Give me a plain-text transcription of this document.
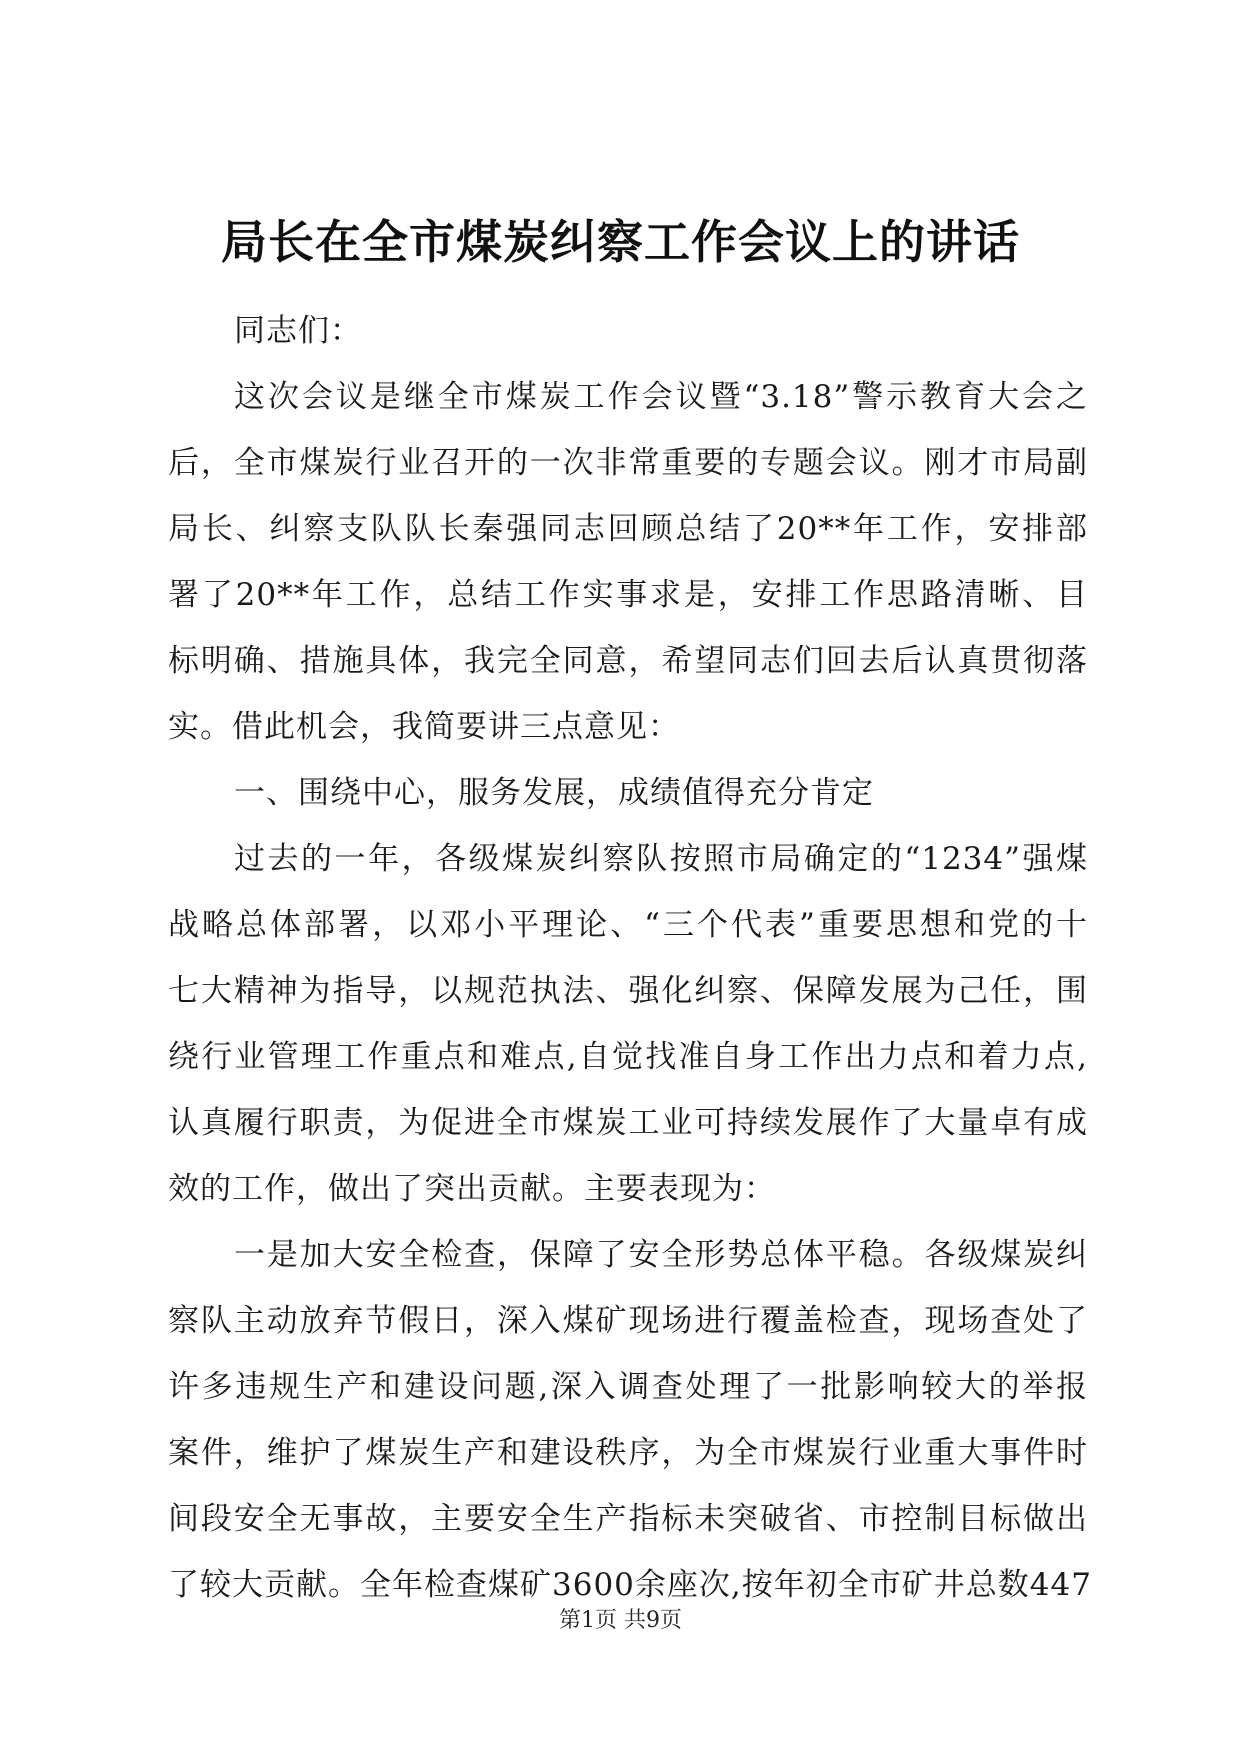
局长在全市煤炭纠察工作会议上的讲话
同志们：
这次会议是继全市煤炭工作会议暨“3.18”警示教育大会之
后，全市煤炭行业召开的一次非常重要的专题会议。刚才市局副
局长、纠察支队队长秦强同志回顾总结了20**年工作，安排部
署了20**年工作，总结工作实事求是，安排工作思路清晰、目
标明确、措施具体，我完全同意，希望同志们回去后认真贯彻落
实。借此机会，我简要讲三点意见：
一、围绕中心，服务发展，成绩值得充分肯定
过去的一年，各级煤炭纠察队按照市局确定的“1234”强煤
战略总体部署，以邓小平理论、“三个代表”重要思想和党的十
七大精神为指导，以规范执法、强化纠察、保障发展为己任，围
绕行业管理工作重点和难点,自觉找准自身工作出力点和着力点,
认真履行职责，为促进全市煤炭工业可持续发展作了大量卓有成
效的工作，做出了突出贡献。主要表现为：
一是加大安全检查，保障了安全形势总体平稳。各级煤炭纠
察队主动放弃节假日，深入煤矿现场进行覆盖检查，现场查处了
许多违规生产和建设问题,深入调查处理了一批影响较大的举报
案件，维护了煤炭生产和建设秩序，为全市煤炭行业重大事件时
间段安全无事故，主要安全生产指标未突破省、市控制目标做出
了较大贡献。全年检查煤矿3600余座次,按年初全市矿井总数447
第1页 共9页
